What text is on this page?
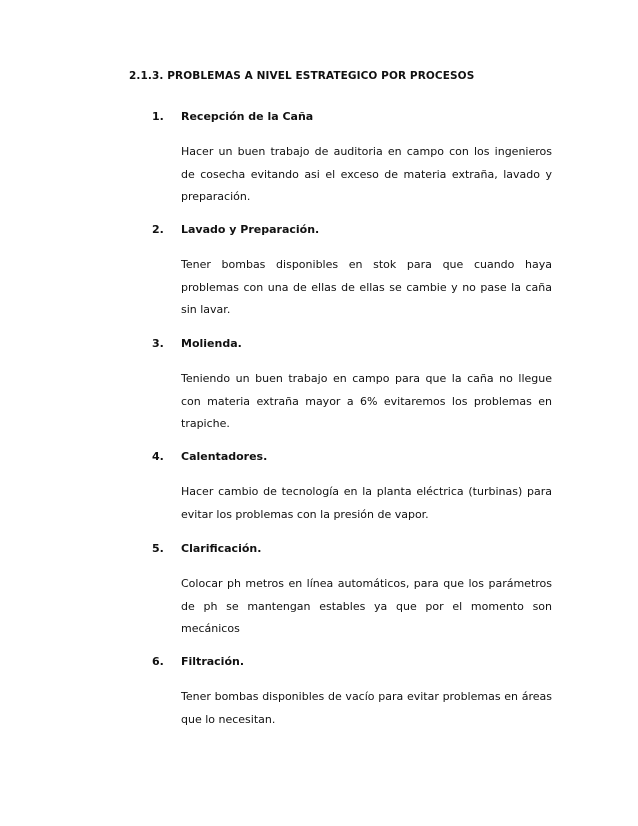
2.1.3. PROBLEMAS A NIVEL ESTRATEGICO POR PROCESOS
1. Recepción de la Caña
Hacer un buen trabajo de auditoria en campo con los ingenieros de cosecha evitando asi el exceso de materia extraña, lavado y preparación.
2. Lavado y Preparación.
Tener bombas disponibles en stok para que cuando haya problemas con una de ellas de ellas se cambie y no pase la caña sin lavar.
3. Molienda.
Teniendo un buen trabajo en campo para que la caña no llegue con materia extraña mayor a 6% evitaremos los problemas en trapiche.
4. Calentadores.
Hacer cambio de tecnología en la planta eléctrica (turbinas) para evitar los problemas con la presión de vapor.
5. Clarificación.
Colocar ph metros en línea automáticos, para que los parámetros de ph se mantengan estables ya que por el momento son mecánicos
6. Filtración.
Tener bombas disponibles de vacío para evitar problemas en áreas que lo necesitan.
